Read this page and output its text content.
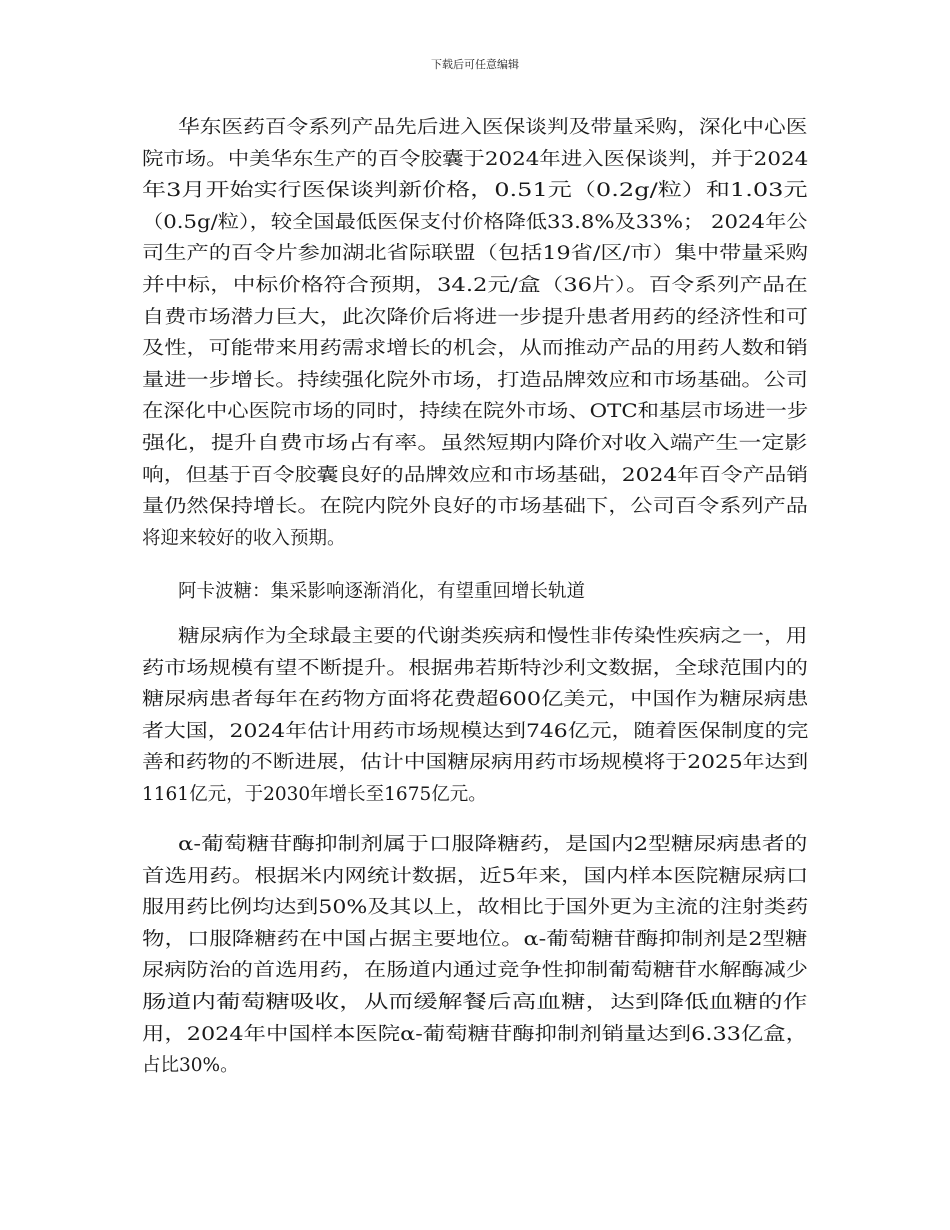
下载后可任意编辑
华东医药百令系列产品先后进入医保谈判及带量采购，深化中心医
院市场。中美华东生产的百令胶囊于2024年进入医保谈判，并于2024
年3月开始实行医保谈判新价格，0.51元（0.2g/粒）和1.03元
（0.5g/粒），较全国最低医保支付价格降低33.8%及33%； 2024年公
司生产的百令片参加湖北省际联盟（包括19省/区/市）集中带量采购
并中标，中标价格符合预期，34.2元/盒（36片）。百令系列产品在
自费市场潜力巨大，此次降价后将进一步提升患者用药的经济性和可
及性，可能带来用药需求增长的机会，从而推动产品的用药人数和销
量进一步增长。持续强化院外市场，打造品牌效应和市场基础。公司
在深化中心医院市场的同时，持续在院外市场、OTC和基层市场进一步
强化，提升自费市场占有率。虽然短期内降价对收入端产生一定影
响，但基于百令胶囊良好的品牌效应和市场基础，2024年百令产品销
量仍然保持增长。在院内院外良好的市场基础下，公司百令系列产品
将迎来较好的收入预期。
阿卡波糖：集采影响逐渐消化，有望重回增长轨道
糖尿病作为全球最主要的代谢类疾病和慢性非传染性疾病之一，用
药市场规模有望不断提升。根据弗若斯特沙利文数据，全球范围内的
糖尿病患者每年在药物方面将花费超600亿美元，中国作为糖尿病患
者大国，2024年估计用药市场规模达到746亿元，随着医保制度的完
善和药物的不断进展，估计中国糖尿病用药市场规模将于2025年达到
1161亿元，于2030年增长至1675亿元。
α-葡萄糖苷酶抑制剂属于口服降糖药，是国内2型糖尿病患者的
首选用药。根据米内网统计数据，近5年来，国内样本医院糖尿病口
服用药比例均达到50%及其以上，故相比于国外更为主流的注射类药
物，口服降糖药在中国占据主要地位。α-葡萄糖苷酶抑制剂是2型糖
尿病防治的首选用药，在肠道内通过竞争性抑制葡萄糖苷水解酶减少
肠道内葡萄糖吸收，从而缓解餐后高血糖，达到降低血糖的作
用，2024年中国样本医院α-葡萄糖苷酶抑制剂销量达到6.33亿盒，
占比30%。
